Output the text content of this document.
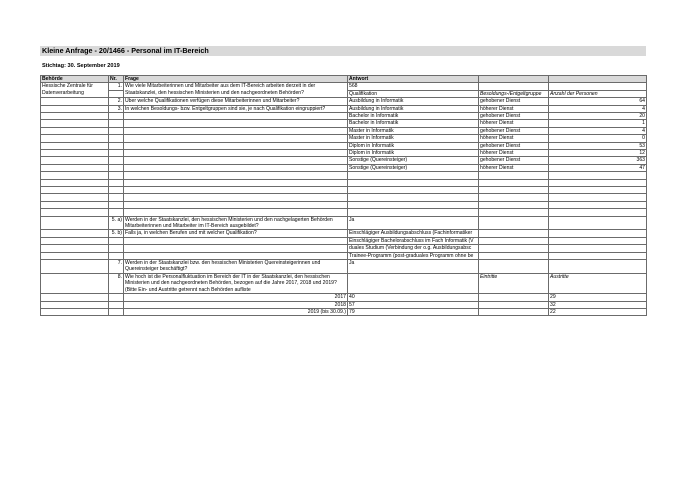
Kleine Anfrage - 20/1466 - Personal im IT-Bereich
Stichtag: 30. September 2019
Behörde	Nr.	Frage	Antwort		
Hessische Zentrale für Datenverarbeitung	1.	Wie viele Mitarbeiterinnen und Mitarbeiter aus dem IT-Bereich arbeiten derzeit in der Staatskanzlei, den hessischen Ministerien und den nachgeordneten Behörden?	568		
			Qualifikation	Besoldungs-/Entgeltgruppe	Anzahl der Personen
	2.	Über welche Qualifikationen verfügen diese Mitarbeiterinnen und Mitarbeiter?	Ausbildung in Informatik	gehobener Dienst	64
	3.	In welchen Besoldungs- bzw. Entgeltgruppen sind sie, je nach Qualifikation eingruppiert?	Ausbildung in Informatik	höherer Dienst	4
			Bachelor in Informatik	gehobener Dienst	20
			Bachelor in Informatik	höherer Dienst	1
			Master in Informatik	gehobener Dienst	4
			Master in Informatik	höherer Dienst	0
			Diplom in Informatik	gehobener Dienst	53
			Diplom in Informatik	höherer Dienst	12
			Sonstige (Quereinsteiger)	gehobener Dienst	363
			Sonstige (Quereinsteiger)	höherer Dienst	47

	5. a)	Werden in der Staatskanzlei, den hessischen Ministerien und den nachgelagerten Behörden Mitarbeiterinnen und Mitarbeiter im IT-Bereich ausgebildet?	Ja		
	5. b)	Falls ja, in welchen Berufen und mit welcher Qualifikation?	Einschlägiger Ausbildungsabschluss (Fachinformatiker		
			Einschlägiger Bachelorabschluss im Fach Informatik (V		
			duales Studium (Verbindung der o.g. Ausbildungsabsc		
			Trainee-Programm (post-graduales Programm ohne be		
	7.	Werden in der Staatskanzlei bzw. den hessischen Ministerien Quereinsteigerinnen und Quereinsteiger beschäftigt?	Ja		
	8.	Wie hoch ist die Personalfluktuation im Bereich der IT in der Staatskanzlei, den hessischen Ministerien und den nachgeordneten Behörden, bezogen auf die Jahre 2017, 2018 und 2019? (Bitte Ein- und Austritte getrennt nach Behörden aufliste		Eintritte	Austritte
		2017	40		29
		2018	57		32
		2019 (bis 30.09.)	79		22
